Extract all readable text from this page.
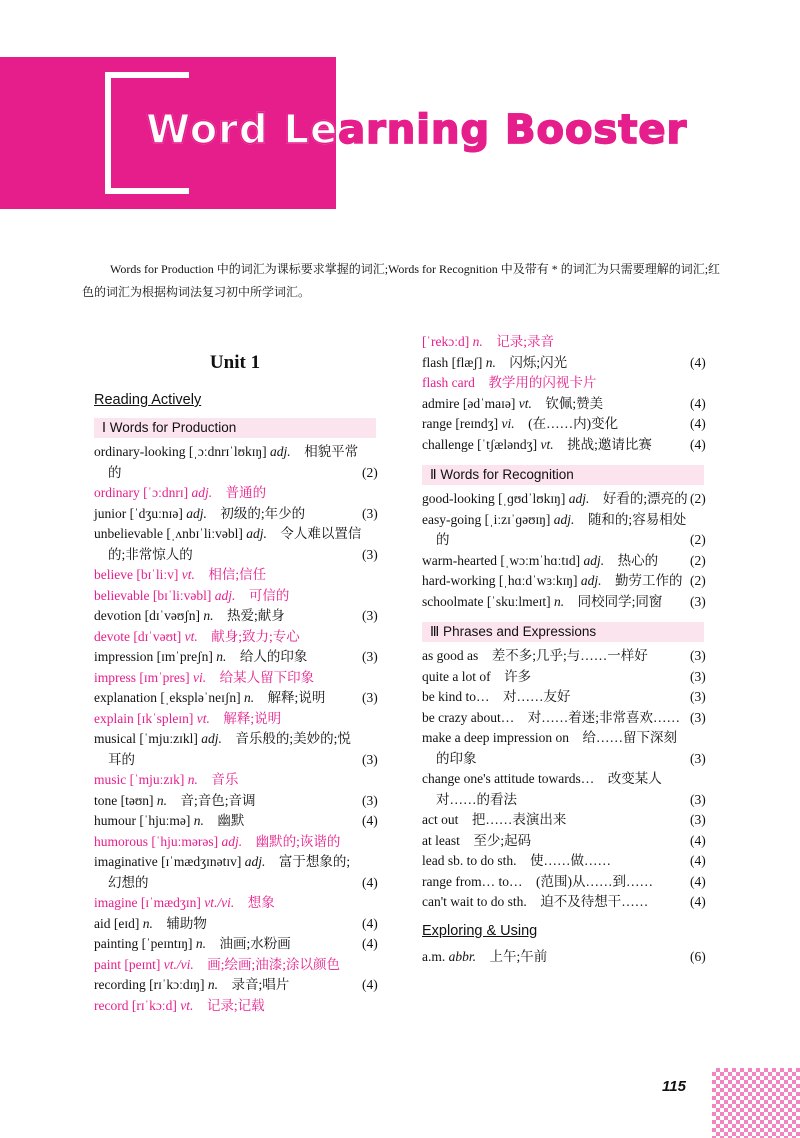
Word Learning Booster

Words for Production 中的词汇为课标要求掌握的词汇;Words for Recognition 中及带有 * 的词汇为只需要理解的词汇;红色的词汇为根据构词法复习初中所学词汇。

Unit 1
Reading Actively
Ⅰ Words for Production
ordinary-looking [ˌɔːdnrɪˈlʊkɪŋ] adj.  相貌平常的	(2)
ordinary [ˈɔːdnrɪ] adj.  普通的
junior [ˈdʒuːnɪə] adj.  初级的;年少的	(3)
unbelievable [ˌʌnbɪˈliːvəbl] adj.  令人难以置信的;非常惊人的	(3)
believe [bɪˈliːv] vt.  相信;信任
believable [bɪˈliːvəbl] adj.  可信的
devotion [dɪˈvəʊʃn] n.  热爱;献身	(3)
devote [dɪˈvəʊt] vt.  献身;致力;专心
impression [ɪmˈpreʃn] n.  给人的印象	(3)
impress [ɪmˈpres] vi.  给某人留下印象
explanation [ˌekspləˈneɪʃn] n.  解释;说明	(3)
explain [ɪkˈspleɪn] vt.  解释;说明
musical [ˈmjuːzɪkl] adj.  音乐般的;美妙的;悦耳的	(3)
music [ˈmjuːzɪk] n.  音乐
tone [təʊn] n.  音;音色;音调	(3)
humour [ˈhjuːmə] n.  幽默	(4)
humorous [ˈhjuːmərəs] adj.  幽默的;诙谐的
imaginative [ɪˈmædʒɪnətɪv] adj.  富于想象的;幻想的	(4)
imagine [ɪˈmædʒɪn] vt./vi.  想象
aid [eɪd] n.  辅助物	(4)
painting [ˈpeɪntɪŋ] n.  油画;水粉画	(4)
paint [peɪnt] vt./vi.  画;绘画;油漆;涂以颜色
recording [rɪˈkɔːdɪŋ] n.  录音;唱片	(4)
record [rɪˈkɔːd] vt.  记录;记载
[ˈrekɔːd] n.  记录;录音
flash [flæʃ] n.  闪烁;闪光	(4)
flash card  教学用的闪视卡片
admire [ədˈmaɪə] vt.  钦佩;赞美	(4)
range [reɪndʒ] vi.  (在……内)变化	(4)
challenge [ˈtʃæləndʒ] vt.  挑战;邀请比赛	(4)
Ⅱ Words for Recognition
good-looking [ˌɡʊdˈlʊkɪŋ] adj.  好看的;漂亮的 (2)
easy-going [ˌiːzɪˈɡəʊɪŋ] adj.  随和的;容易相处的	(2)
warm-hearted [ˌwɔːmˈhɑːtɪd] adj.  热心的	(2)
hard-working [ˌhɑːdˈwɜːkɪŋ] adj.  勤劳工作的 (2)
schoolmate [ˈskuːlmeɪt] n.  同校同学;同窗	(3)
Ⅲ Phrases and Expressions
as good as  差不多;几乎;与……一样好	(3)
quite a lot of  许多	(3)
be kind to…  对……友好	(3)
be crazy about…  对……着迷;非常喜欢…… (3)
make a deep impression on  给……留下深刻的印象	(3)
change one's attitude towards…  改变某人对……的看法	(3)
act out  把……表演出来	(3)
at least  至少;起码	(4)
lead sb. to do sth.  使……做……	(4)
range from… to…  (范围)从……到……	(4)
can't wait to do sth.  迫不及待想干……	(4)
Exploring & Using
a.m. abbr.  上午;午前	(6)
115
